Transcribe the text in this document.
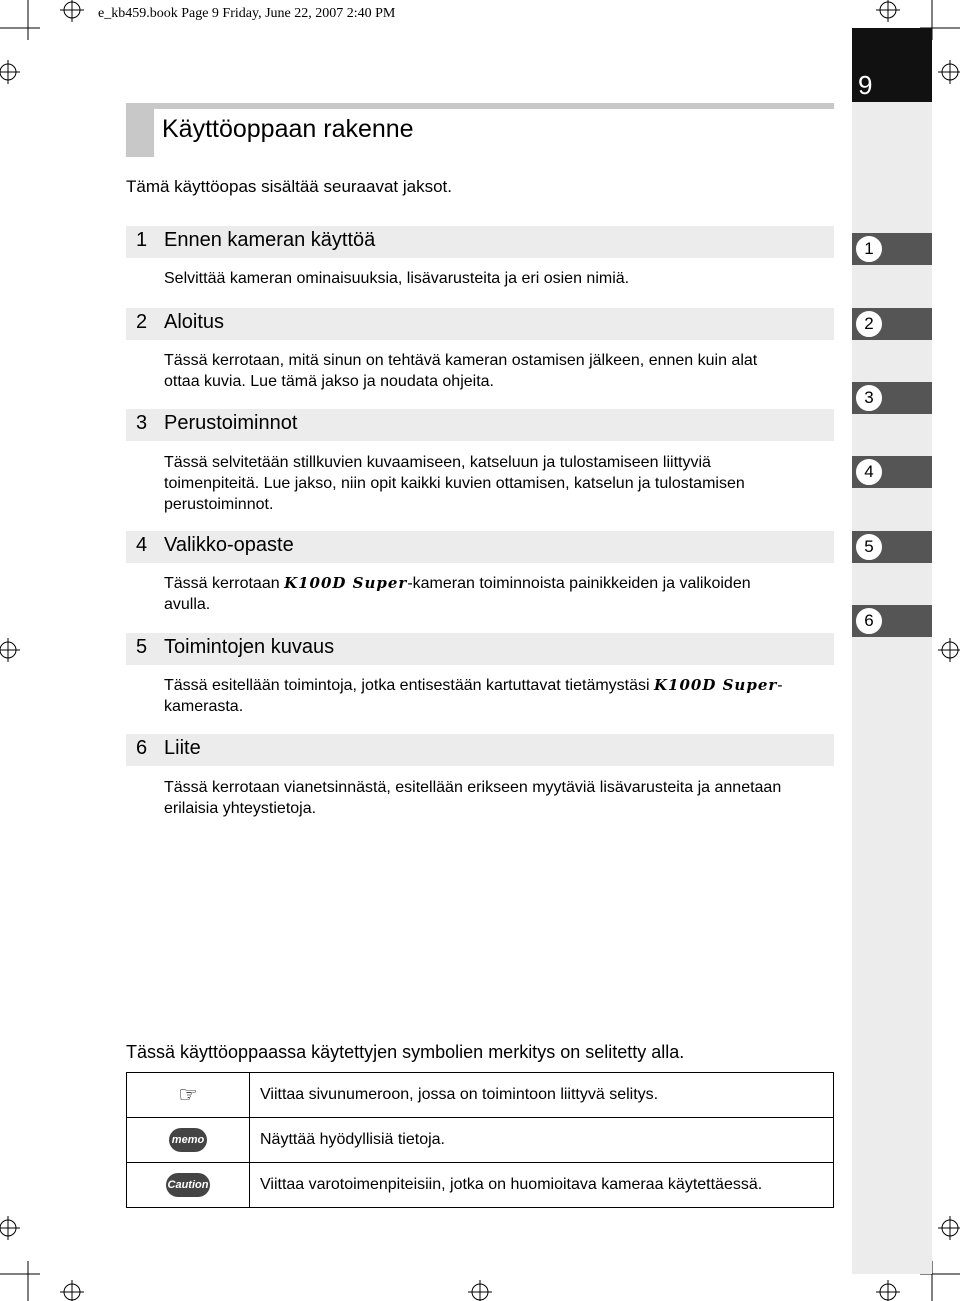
e_kb459.book Page 9 Friday, June 22, 2007 2:40 PM
9
1
2
3
4
5
6
Käyttöoppaan rakenne
Tämä käyttöopas sisältää seuraavat jaksot.
1 Ennen kameran käyttöä
Selvittää kameran ominaisuuksia, lisävarusteita ja eri osien nimiä.
2 Aloitus
Tässä kerrotaan, mitä sinun on tehtävä kameran ostamisen jälkeen, ennen kuin alat ottaa kuvia. Lue tämä jakso ja noudata ohjeita.
3 Perustoiminnot
Tässä selvitetään stillkuvien kuvaamiseen, katseluun ja tulostamiseen liittyviä toimenpiteitä. Lue jakso, niin opit kaikki kuvien ottamisen, katselun ja tulostamisen perustoiminnot.
4 Valikko-opaste
Tässä kerrotaan K100D Super-kameran toiminnoista painikkeiden ja valikoiden avulla.
5 Toimintojen kuvaus
Tässä esitellään toimintoja, jotka entisestään kartuttavat tietämystäsi K100D Super-kamerasta.
6 Liite
Tässä kerrotaan vianetsinnästä, esitellään erikseen myytäviä lisävarusteita ja annetaan erilaisia yhteystietoja.
Tässä käyttöoppaassa käytettyjen symbolien merkitys on selitetty alla.
☞	Viittaa sivunumeroon, jossa on toimintoon liittyvä selitys.
memo	Näyttää hyödyllisiä tietoja.
Caution	Viittaa varotoimenpiteisiin, jotka on huomioitava kameraa käytettäessä.
